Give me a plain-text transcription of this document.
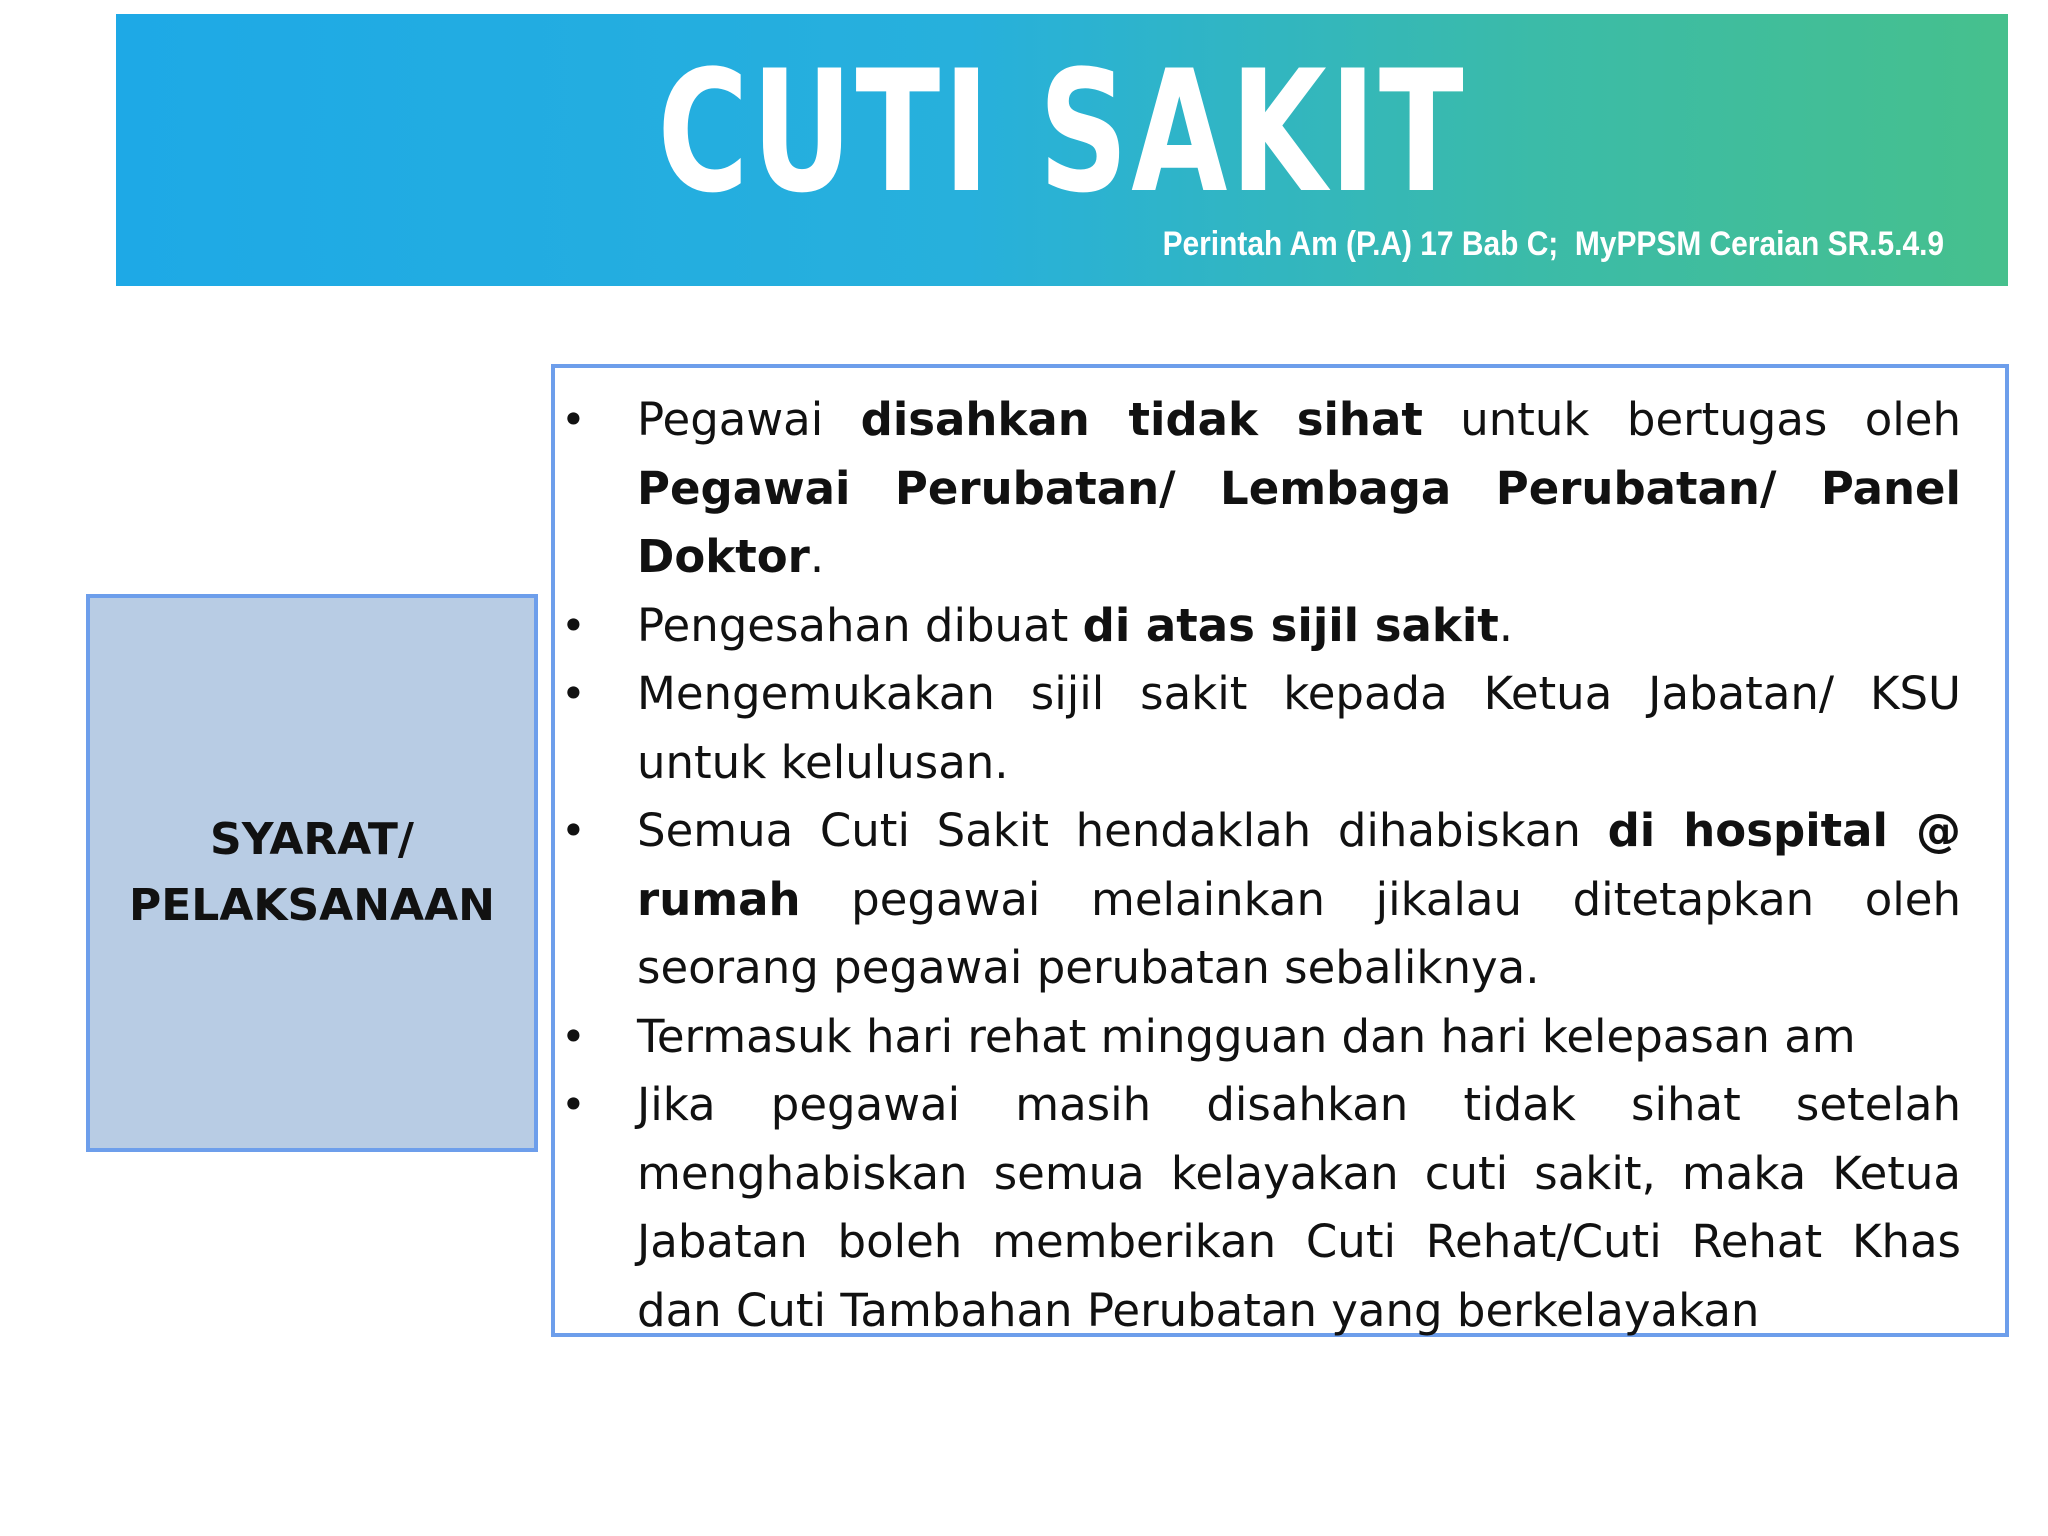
CUTI SAKIT
Perintah Am (P.A) 17 Bab C;  MyPPSM Ceraian SR.5.4.9
SYARAT/
PELAKSANAAN
• Pegawai disahkan tidak sihat untuk bertugas oleh Pegawai Perubatan/ Lembaga Perubatan/ Panel Doktor.
• Pengesahan dibuat di atas sijil sakit.
• Mengemukakan sijil sakit kepada Ketua Jabatan/ KSU untuk kelulusan.
• Semua Cuti Sakit hendaklah dihabiskan di hospital @ rumah pegawai melainkan jikalau ditetapkan oleh seorang pegawai perubatan sebaliknya.
• Termasuk hari rehat mingguan dan hari kelepasan am
• Jika pegawai masih disahkan tidak sihat setelah menghabiskan semua kelayakan cuti sakit, maka Ketua Jabatan boleh memberikan Cuti Rehat/Cuti Rehat Khas dan Cuti Tambahan Perubatan yang berkelayakan
